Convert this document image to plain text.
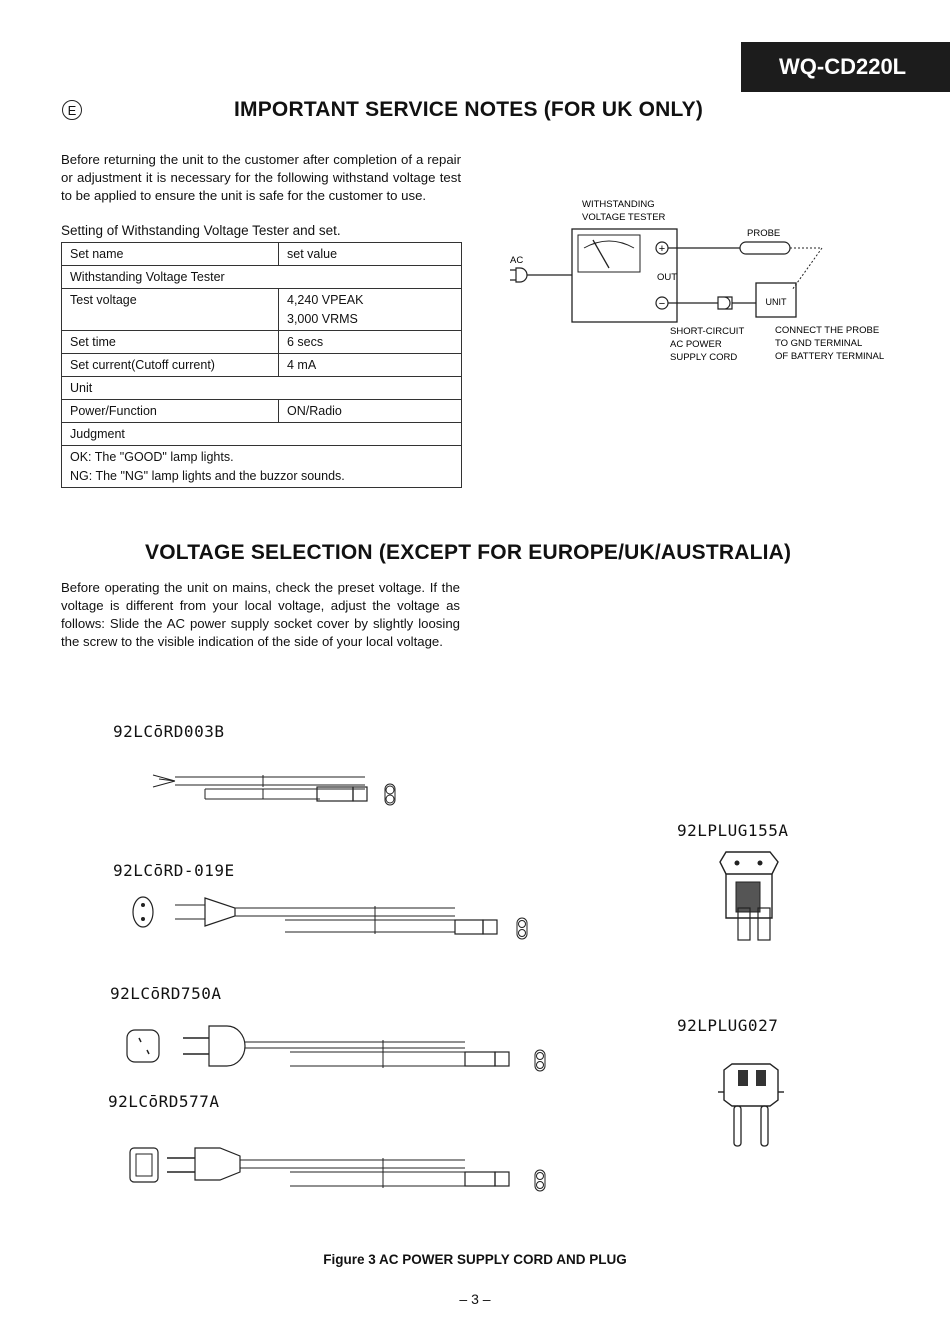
WQ-CD220L
E	IMPORTANT SERVICE NOTES (FOR UK ONLY)
Before returning the unit to the customer after completion of a repair or adjustment it is necessary for the following withstand voltage test to be applied to ensure the unit is safe for the customer to use.
Setting of Withstanding Voltage Tester and set.
Set name	set value
Withstanding Voltage Tester	
Test voltage	4,240 VPEAK
3,000 VRMS

Set time	6 secs
Set current(Cutoff current)	4 mA
Unit	
Power/Function	ON/Radio
Judgment	

OK: The "GOOD" lamp lights.
NG: The "NG" lamp lights and the buzzor sounds.	
WITHSTANDING
VOLTAGE TESTER
AC
+
−
OUT
PROBE
UNIT
SHORT-CIRCUIT
AC POWER
SUPPLY CORD
CONNECT THE PROBE
TO GND TERMINAL
OF BATTERY TERMINAL
VOLTAGE SELECTION (EXCEPT FOR EUROPE/UK/AUSTRALIA)
Before operating the unit on mains, check the preset voltage. If the voltage is different from your local voltage, adjust the voltage as follows: Slide the AC power supply socket cover by slightly loosing the screw to the visible indication of the side of your local voltage.
92LCōRD003B
92LCōRD-019E
92LCōRD750A
92LCōRD577A
92LPLUG155A
92LPLUG027
Figure 3 AC POWER SUPPLY CORD AND PLUG
– 3 –
